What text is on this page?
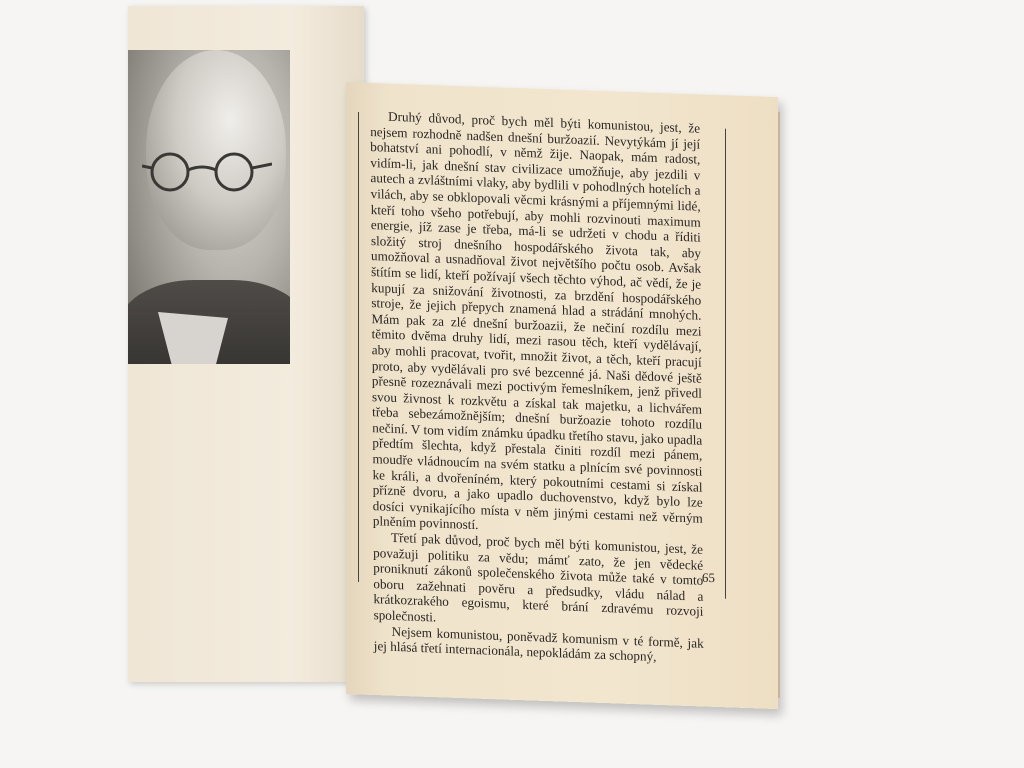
Druhý důvod, proč bych měl býti komunistou, jest, že nejsem rozhodně nadšen dnešní buržoazií. Nevytýkám jí její bohatství ani pohodlí, v němž žije. Naopak, mám radost, vidím-li, jak dnešní stav civilizace umožňuje, aby jezdili v autech a zvláštními vlaky, aby bydlili v pohodlných hotelích a vilách, aby se obklopovali věcmi krásnými a příjemnými lidé, kteří toho všeho potřebují, aby mohli rozvinouti maximum energie, jíž zase je třeba, má-li se udržeti v chodu a říditi složitý stroj dnešního hospodářského života tak, aby umožňoval a usnadňoval život největšího počtu osob. Avšak štítím se lidí, kteří požívají všech těchto výhod, ač vědí, že je kupují za snižování životnosti, za brzdění hospodářského stroje, že jejich přepych znamená hlad a strádání mnohých. Mám pak za zlé dnešní buržoazii, že nečiní rozdílu mezi těmito dvěma druhy lidí, mezi rasou těch, kteří vydělávají, aby mohli pracovat, tvořit, množit život, a těch, kteří pracují proto, aby vydělávali pro své bezcenné já. Naši dědové ještě přesně rozeznávali mezi poctivým řemeslníkem, jenž přivedl svou živnost k rozkvětu a získal tak majetku, a lichvářem třeba sebezámožnějším; dnešní buržoazie tohoto rozdílu nečiní. V tom vidím známku úpadku třetího stavu, jako upadla předtím šlechta, když přestala činiti rozdíl mezi pánem, moudře vládnoucím na svém statku a plnícím své povinnosti ke králi, a dvořeníném, který pokoutními cestami si získal přízně dvoru, a jako upadlo duchovenstvo, když bylo lze dosíci vynikajícího místa v něm jinými cestami než věrným plněním povinností.

Třetí pak důvod, proč bych měl býti komunistou, jest, že považuji politiku za vědu; mámť zato, že jen vědecké proniknutí zákonů společenského života může také v tomto oboru zažehnati pověru a předsudky, vládu nálad a krátkozrakého egoismu, které brání zdravému rozvoji společnosti.

Nejsem komunistou, poněvadž komunism v té formě, jak jej hlásá třetí internacionála, nepokládám za schopný,

65
